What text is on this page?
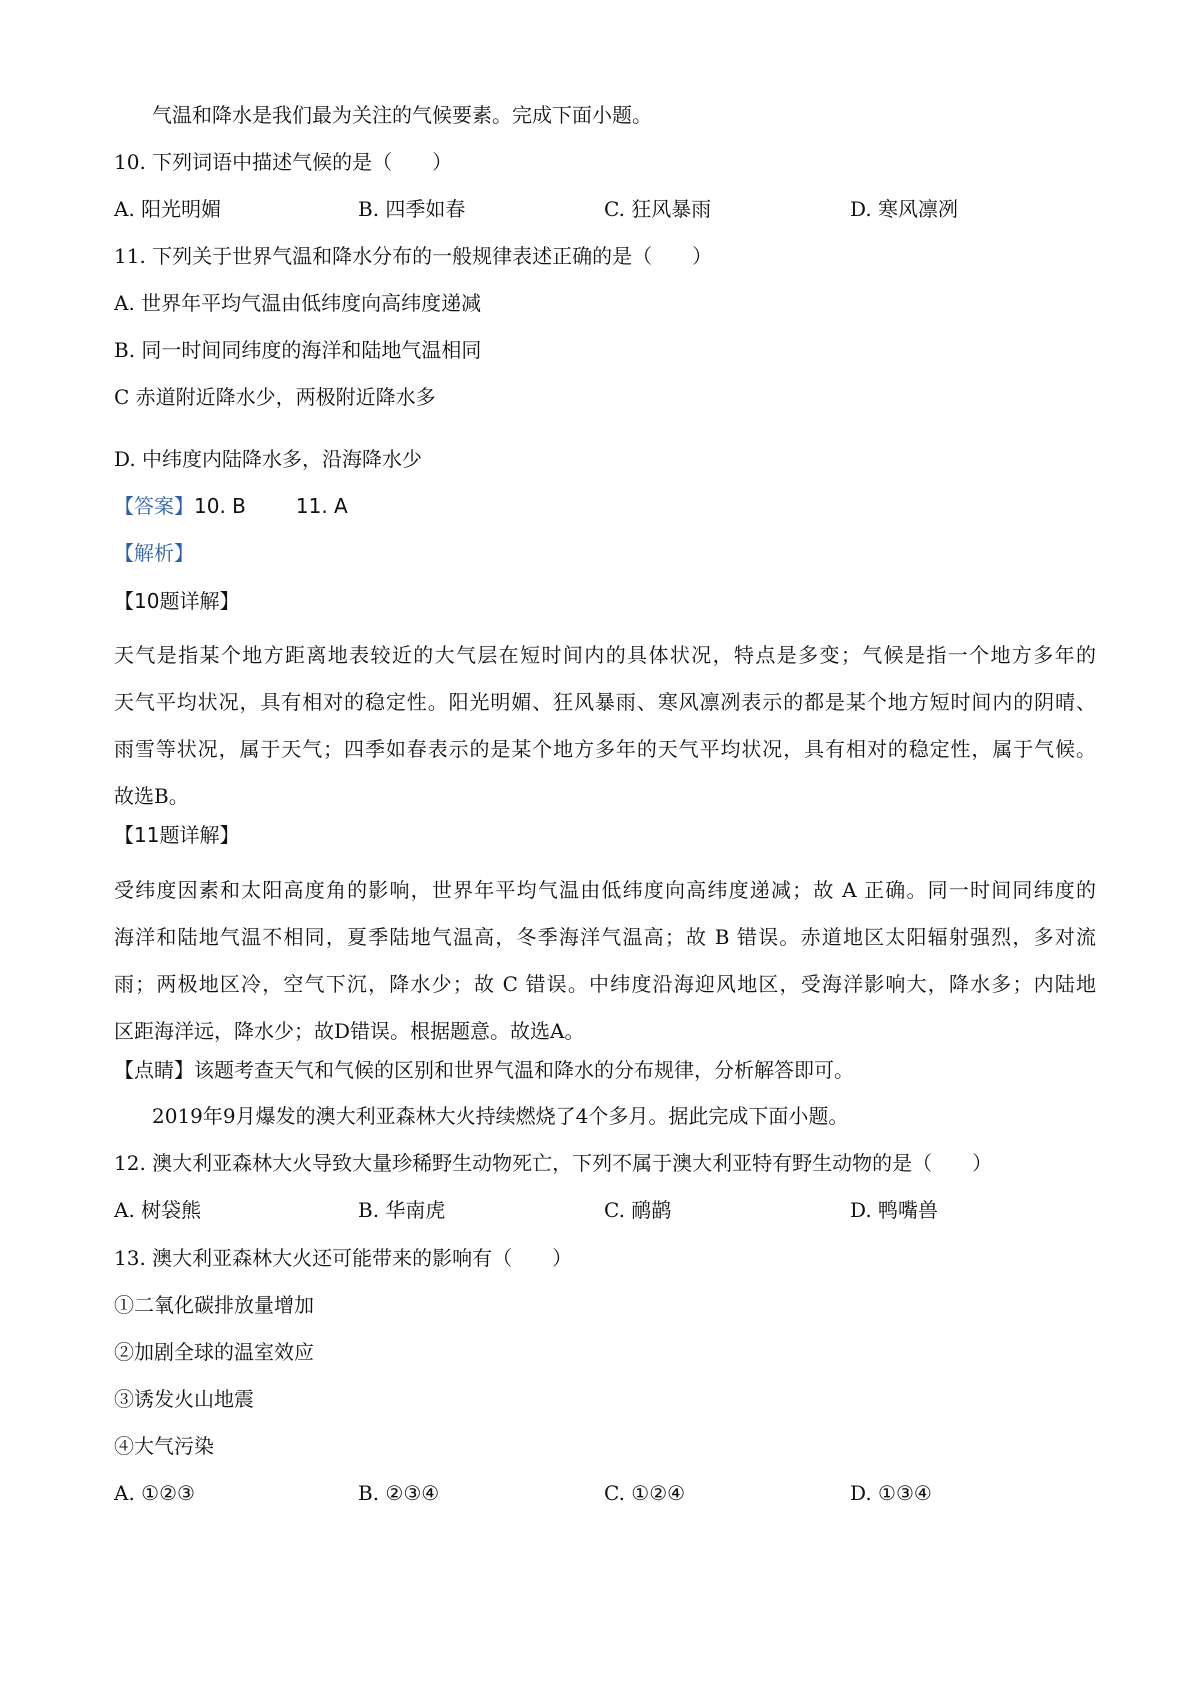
气温和降水是我们最为关注的气候要素。完成下面小题。
10. 下列词语中描述气候的是（　　）
A. 阳光明媚	B. 四季如春	C. 狂风暴雨	D. 寒风凛冽
11. 下列关于世界气温和降水分布的一般规律表述正确的是（　　）
A. 世界年平均气温由低纬度向高纬度递减
B. 同一时间同纬度的海洋和陆地气温相同
C 赤道附近降水少，两极附近降水多
D. 中纬度内陆降水多，沿海降水少
【答案】10. B	11. A
【解析】
【10题详解】
天气是指某个地方距离地表较近的大气层在短时间内的具体状况，特点是多变；气候是指一个地方多年的
天气平均状况，具有相对的稳定性。阳光明媚、狂风暴雨、寒风凛冽表示的都是某个地方短时间内的阴晴、
雨雪等状况，属于天气；四季如春表示的是某个地方多年的天气平均状况，具有相对的稳定性，属于气候。
故选B。
【11题详解】
受纬度因素和太阳高度角的影响，世界年平均气温由低纬度向高纬度递减；故 A 正确。同一时间同纬度的
海洋和陆地气温不相同，夏季陆地气温高，冬季海洋气温高；故 B 错误。赤道地区太阳辐射强烈，多对流
雨；两极地区冷，空气下沉，降水少；故 C 错误。中纬度沿海迎风地区，受海洋影响大，降水多；内陆地
区距海洋远，降水少；故D错误。根据题意。故选A。
【点睛】该题考查天气和气候的区别和世界气温和降水的分布规律，分析解答即可。
2019年9月爆发的澳大利亚森林大火持续燃烧了4个多月。据此完成下面小题。
12. 澳大利亚森林大火导致大量珍稀野生动物死亡，下列不属于澳大利亚特有野生动物的是（　　）
A. 树袋熊	B. 华南虎	C. 鸸鹋	D. 鸭嘴兽
13. 澳大利亚森林大火还可能带来的影响有（　　）
①二氧化碳排放量增加
②加剧全球的温室效应
③诱发火山地震
④大气污染
A. ①②③	B. ②③④	C. ①②④	D. ①③④
